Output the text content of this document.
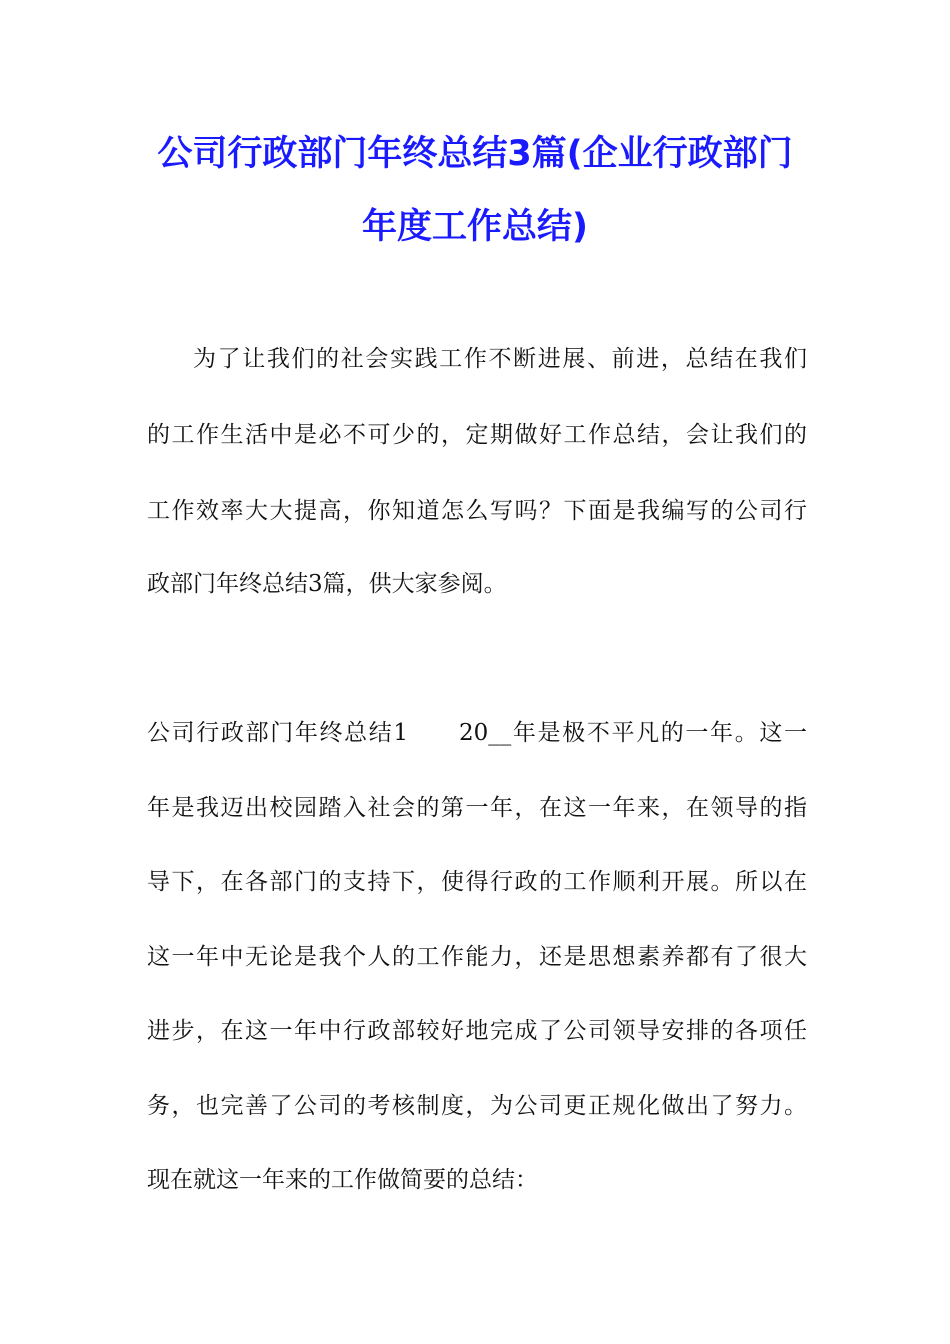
公司行政部门年终总结3篇(企业行政部门
年度工作总结)
为了让我们的社会实践工作不断进展、前进，总结在我们
的工作生活中是必不可少的，定期做好工作总结，会让我们的
工作效率大大提高，你知道怎么写吗？下面是我编写的公司行
政部门年终总结3篇，供大家参阅。
公司行政部门年终总结1　　20__年是极不平凡的一年。这一
年是我迈出校园踏入社会的第一年，在这一年来，在领导的指
导下，在各部门的支持下，使得行政的工作顺利开展。所以在
这一年中无论是我个人的工作能力，还是思想素养都有了很大
进步，在这一年中行政部较好地完成了公司领导安排的各项任
务，也完善了公司的考核制度，为公司更正规化做出了努力。
现在就这一年来的工作做简要的总结：
